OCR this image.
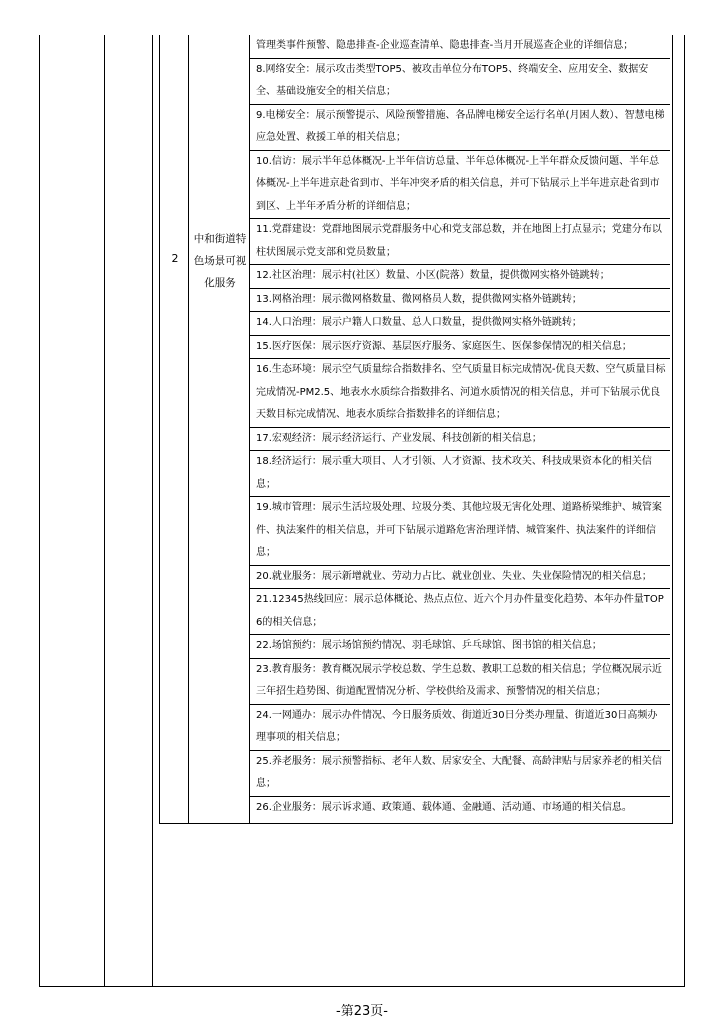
2
中和街道特色场景可视化服务
管理类事件预警、隐患排查-企业巡查清单、隐患排查-当月开展巡查企业的详细信息；
8.网络安全：展示攻击类型TOP5、被攻击单位分布TOP5、终端安全、应用安全、数据安全、基础设施安全的相关信息；
9.电梯安全：展示预警提示、风险预警措施、各品牌电梯安全运行名单(月困人数）、智慧电梯应急处置、救援工单的相关信息；
10.信访：展示半年总体概况-上半年信访总量、半年总体概况-上半年群众反馈问题、半年总体概况-上半年进京赴省到市、半年冲突矛盾的相关信息，并可下钻展示上半年进京赴省到市到区、上半年矛盾分析的详细信息；
11.党群建设：党群地图展示党群服务中心和党支部总数，并在地图上打点显示；党建分布以柱状图展示党支部和党员数量；
12.社区治理：展示村(社区）数量、小区(院落）数量，提供微网实格外链跳转；
13.网格治理：展示微网格数量、微网格员人数，提供微网实格外链跳转；
14.人口治理：展示户籍人口数量、总人口数量，提供微网实格外链跳转；
15.医疗医保：展示医疗资源、基层医疗服务、家庭医生、医保参保情况的相关信息；
16.生态环境：展示空气质量综合指数排名、空气质量目标完成情况-优良天数、空气质量目标完成情况-PM2.5、地表水水质综合指数排名、河道水质情况的相关信息，并可下钻展示优良天数目标完成情况、地表水质综合指数排名的详细信息；
17.宏观经济：展示经济运行、产业发展、科技创新的相关信息；
18.经济运行：展示重大项目、人才引领、人才资源、技术攻关、科技成果资本化的相关信息；
19.城市管理：展示生活垃圾处理、垃圾分类、其他垃圾无害化处理、道路桥梁维护、城管案件、执法案件的相关信息，并可下钻展示道路危害治理详情、城管案件、执法案件的详细信息；
20.就业服务：展示新增就业、劳动力占比、就业创业、失业、失业保险情况的相关信息；
21.12345热线回应：展示总体概论、热点点位、近六个月办件量变化趋势、本年办件量TOP6的相关信息；
22.场馆预约：展示场馆预约情况、羽毛球馆、乒乓球馆、图书馆的相关信息；
23.教育服务：教育概况展示学校总数、学生总数、教职工总数的相关信息；学位概况展示近三年招生趋势图、街道配置情况分析、学校供给及需求、预警情况的相关信息；
24.一网通办：展示办件情况、今日服务质效、街道近30日分类办理量、街道近30日高频办理事项的相关信息；
25.养老服务：展示预警指标、老年人数、居家安全、大配餐、高龄津贴与居家养老的相关信息；
26.企业服务：展示诉求通、政策通、载体通、金融通、活动通、市场通的相关信息。
-第23页-
